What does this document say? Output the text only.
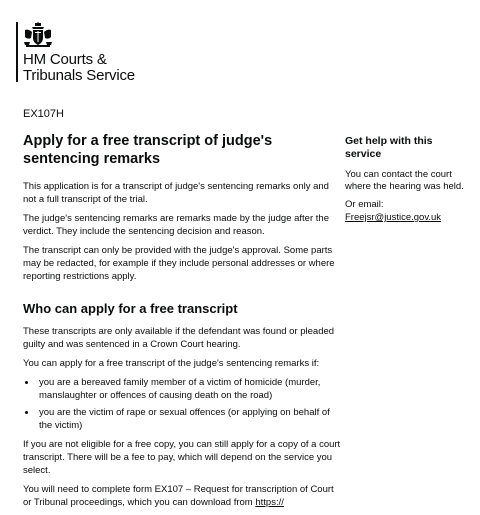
HM Courts &
Tribunals Service
EX107H
Apply for a free transcript of judge's sentencing remarks

This application is for a transcript of judge's sentencing remarks only and not a full transcript of the trial.

The judge's sentencing remarks are remarks made by the judge after the verdict. They include the sentencing decision and reason.

The transcript can only be provided with the judge's approval. Some parts may be redacted, for example if they include personal addresses or where reporting restrictions apply.

Who can apply for a free transcript

These transcripts are only available if the defendant was found or pleaded guilty and was sentenced in a Crown Court hearing.

You can apply for a free transcript of the judge's sentencing remarks if:

• you are a bereaved family member of a victim of homicide (murder, manslaughter or offences of causing death on the road)
• you are the victim of rape or sexual offences (or applying on behalf of the victim)

If you are not eligible for a free copy, you can still apply for a copy of a court transcript. There will be a fee to pay, which will depend on the service you select.

You will need to complete form EX107 – Request for transcription of Court or Tribunal proceedings, which you can download from https://

Get help with this service

You can contact the court where the hearing was held.

Or email:

Freejsr@justice.gov.uk
